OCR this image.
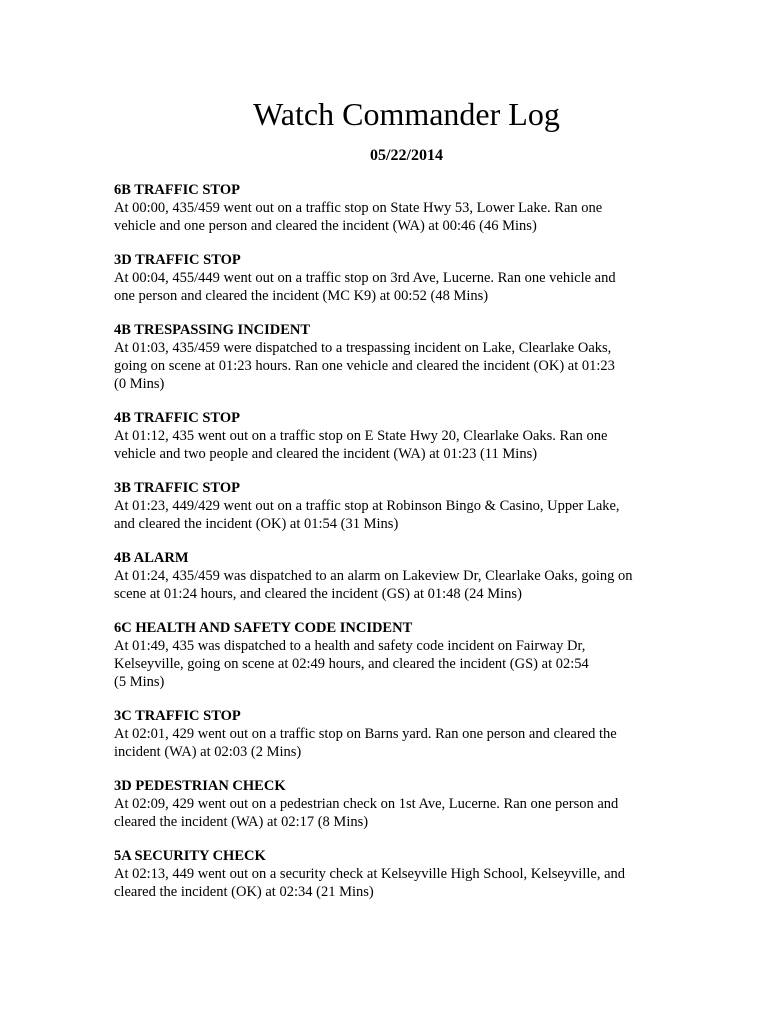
Watch Commander Log
05/22/2014
6B TRAFFIC STOP
At 00:00, 435/459 went out on a traffic stop on State Hwy 53, Lower Lake. Ran one
vehicle and one person and cleared the incident (WA) at 00:46 (46 Mins)
3D TRAFFIC STOP
At 00:04, 455/449 went out on a traffic stop on 3rd Ave, Lucerne. Ran one vehicle and
one person and cleared the incident (MC K9) at 00:52 (48 Mins)
4B TRESPASSING INCIDENT
At 01:03, 435/459 were dispatched to a trespassing incident on Lake, Clearlake Oaks,
going on scene at 01:23 hours. Ran one vehicle and cleared the incident (OK) at 01:23
(0 Mins)
4B TRAFFIC STOP
At 01:12, 435 went out on a traffic stop on E State Hwy 20, Clearlake Oaks. Ran one
vehicle and two people and cleared the incident (WA) at 01:23 (11 Mins)
3B TRAFFIC STOP
At 01:23, 449/429 went out on a traffic stop at Robinson Bingo & Casino, Upper Lake,
and cleared the incident (OK) at 01:54 (31 Mins)
4B ALARM
At 01:24, 435/459 was dispatched to an alarm on Lakeview Dr, Clearlake Oaks, going on
scene at 01:24 hours, and cleared the incident (GS) at 01:48 (24 Mins)
6C HEALTH AND SAFETY CODE INCIDENT
At 01:49, 435 was dispatched to a health and safety code incident on Fairway Dr,
Kelseyville, going on scene at 02:49 hours, and cleared the incident (GS) at 02:54
(5 Mins)
3C TRAFFIC STOP
At 02:01, 429 went out on a traffic stop on Barns yard. Ran one person and cleared the
incident (WA) at 02:03 (2 Mins)
3D PEDESTRIAN CHECK
At 02:09, 429 went out on a pedestrian check on 1st Ave, Lucerne. Ran one person and
cleared the incident (WA) at 02:17 (8 Mins)
5A SECURITY CHECK
At 02:13, 449 went out on a security check at Kelseyville High School, Kelseyville, and
cleared the incident (OK) at 02:34 (21 Mins)
